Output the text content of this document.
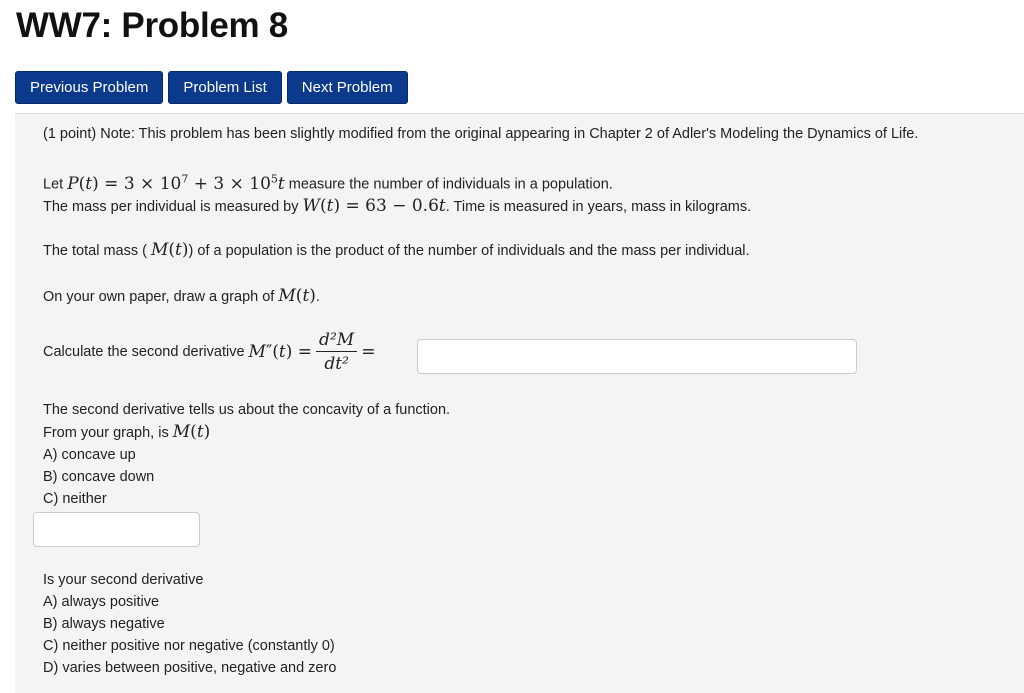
WW7: Problem 8
Previous Problem	Problem List	Next Problem

(1 point) Note: This problem has been slightly modified from the original appearing in Chapter 2 of Adler's Modeling the Dynamics of Life.

Let $P(t) = 3 \times 10^7 + 3 \times 10^5t$ measure the number of individuals in a population.

The mass per individual is measured by W(t) = 63 − 0.6t. Time is measured in years, mass in kilograms.

The total mass ( M(t)) of a population is the product of the number of individuals and the mass per individual.

On your own paper, draw a graph of M(t).

Calculate the second derivative $M''(t) = \frac{\text{d²M}}{\text{dt²}}$ =

The second derivative tells us about the concavity of a function.

From your graph, is M(t)

A) concave up

B) concave down

C) neither

Is your second derivative

A) always positive

B) always negative

C) neither positive nor negative (constantly 0)

D) varies between positive, negative and zero
